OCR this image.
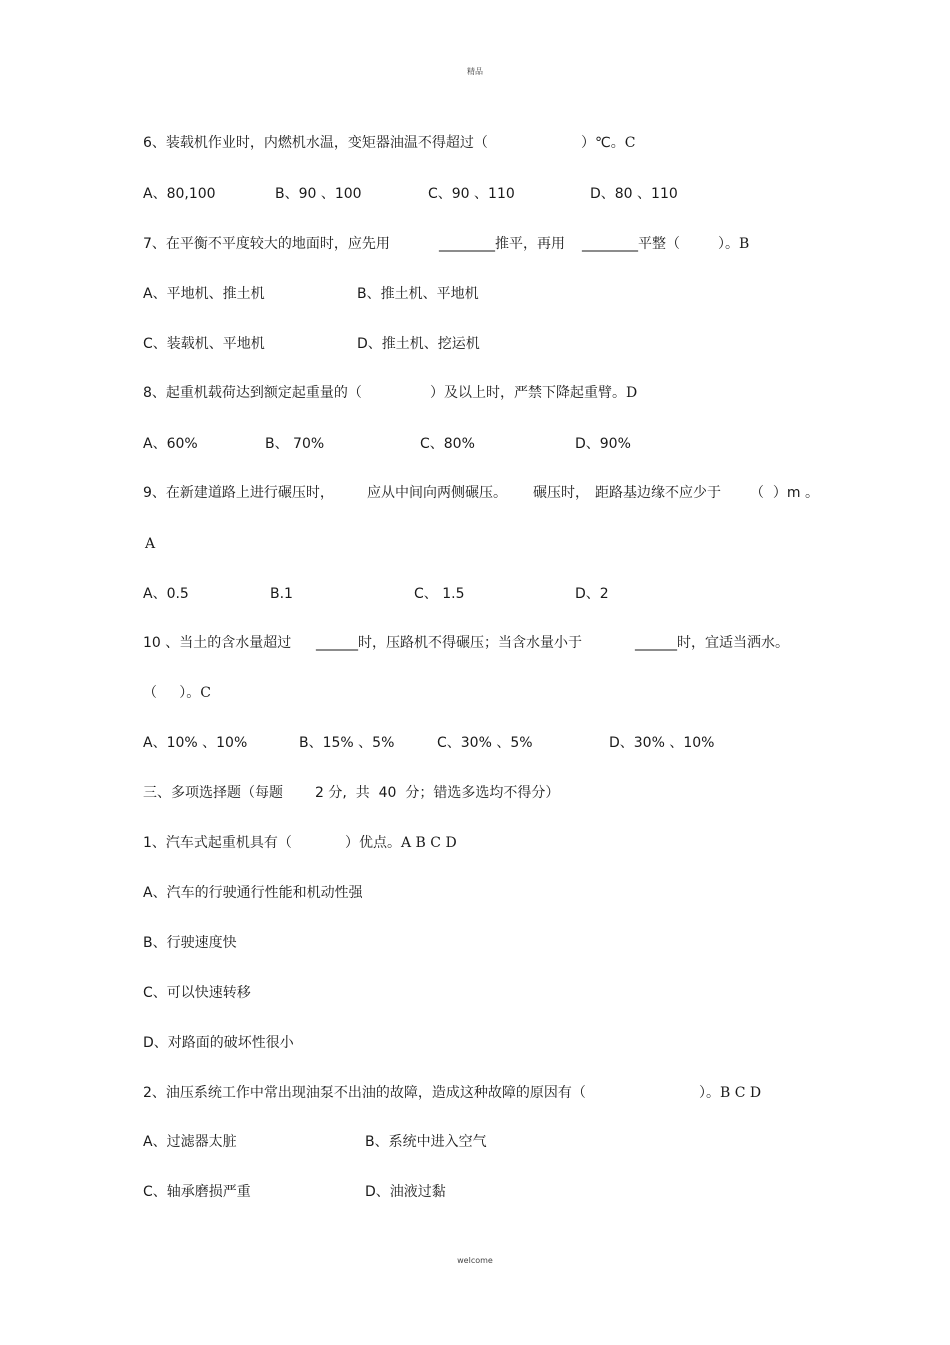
精品
6、装载机作业时，内燃机水温，变矩器油温不得超过（	）℃。C
A、80,100	B、90 、100	C、90 、110	D、80 、110
7、在平衡不平度较大的地面时，应先用	________推平，再用 ________平整（	）。B
A、平地机、推土机	B、推土机、平地机
C、装载机、平地机	D、推土机、挖运机
8、起重机载荷达到额定起重量的（	）及以上时，严禁下降起重臂。D
A、60%	B、 70%	C、80%	D、90%
9、在新建道路上进行碾压时， 应从中间向两侧碾压。 碾压时， 距路基边缘不应少于 （  ）m 。
A
A、0.5	B.1	C、 1.5	D、2
10 、当土的含水量超过 ______时，压路机不得碾压；当含水量小于	______时，宜适当洒水。
（     ）。C
A、10% 、10%	B、15% 、5%	C、30% 、5%	D、30% 、10%
三、多项选择题（每题 2 分,  共  40  分；错选多选均不得分）
1、汽车式起重机具有（	）优点。A B C D
A、汽车的行驶通行性能和机动性强
B、行驶速度快
C、可以快速转移
D、对路面的破坏性很小
2、油压系统工作中常出现油泵不出油的故障，造成这种故障的原因有（	）。B C D
A、过滤器太脏	B、系统中进入空气
C、轴承磨损严重	D、油液过黏
welcome
